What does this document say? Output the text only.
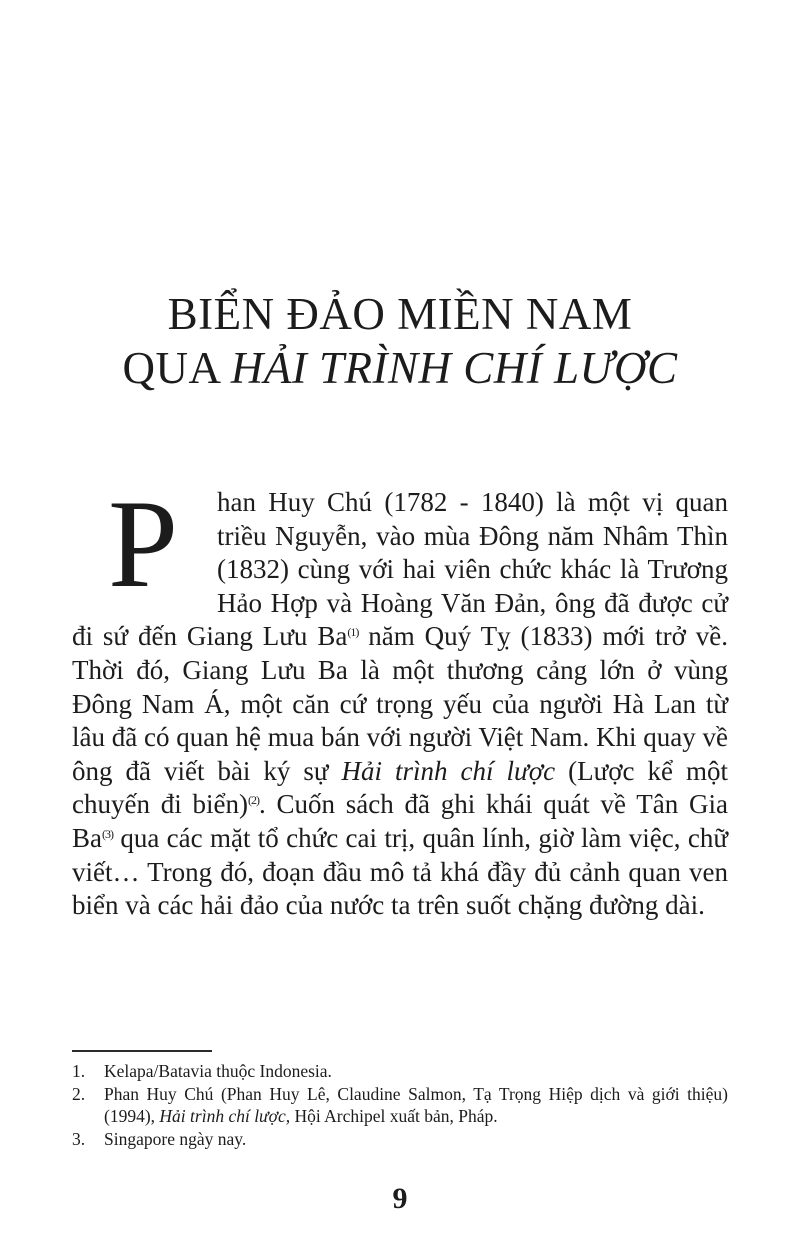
BIỂN ĐẢO MIỀN NAM
QUA HẢI TRÌNH CHÍ LƯỢC
P han Huy Chú (1782 - 1840) là một vị quan triều Nguyễn, vào mùa Đông năm Nhâm Thìn (1832) cùng với hai viên chức khác là Trương Hảo Hợp và Hoàng Văn Đản, ông đã được cử đi sứ đến Giang Lưu Ba$^{(1)}$ năm Quý Tỵ (1833) mới trở về. Thời đó, Giang Lưu Ba là một thương cảng lớn ở vùng Đông Nam Á, một căn cứ trọng yếu của người Hà Lan từ lâu đã có quan hệ mua bán với người Việt Nam. Khi quay về ông đã viết bài ký sự Hải trình chí lược (Lược kể một chuyến đi biển)$^{(2)}$. Cuốn sách đã ghi khái quát về Tân Gia Ba$^{(3)}$ qua các mặt tổ chức cai trị, quân lính, giờ làm việc, chữ viết… Trong đó, đoạn đầu mô tả khá đầy đủ cảnh quan ven biển và các hải đảo của nước ta trên suốt chặng đường dài.
1.	Kelapa/Batavia thuộc Indonesia.
2.	Phan Huy Chú (Phan Huy Lê, Claudine Salmon, Tạ Trọng Hiệp dịch và giới thiệu) (1994), Hải trình chí lược, Hội Archipel xuất bản, Pháp.
3.	Singapore ngày nay.
9
